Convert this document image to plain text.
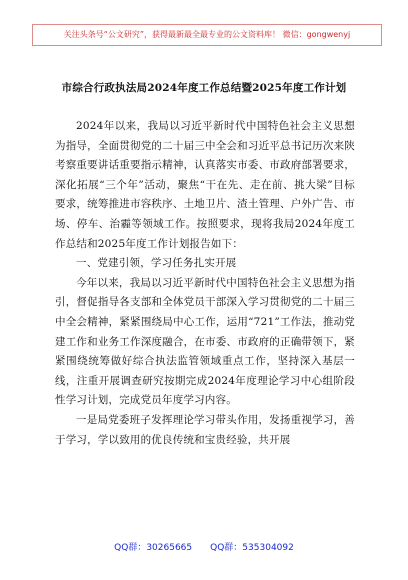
关注头条号“公文研究”，获得最新最全最专业的公文资料库！ 微信：gongwenyj
市综合行政执法局2024年度工作总结暨2025年度工作计划

2024年以来，我局以习近平新时代中国特色社会主义思想为指导，全面贯彻党的二十届三中全会和习近平总书记历次来陕考察重要讲话重要指示精神，认真落实市委、市政府部署要求，深化拓展“三个年”活动，聚焦“干在先、走在前、挑大梁”目标要求，统筹推进市容秩序、土地卫片、渣土管理、户外广告、市场、停车、治霾等领域工作。按照要求，现将我局2024年度工作总结和2025年度工作计划报告如下：

一、党建引领，学习任务扎实开展

今年以来，我局以习近平新时代中国特色社会主义思想为指引，督促指导各支部和全体党员干部深入学习贯彻党的二十届三中全会精神，紧紧围绕局中心工作，运用“721”工作法，推动党建工作和业务工作深度融合，在市委、市政府的正确带领下，紧紧围绕统筹做好综合执法监管领域重点工作，坚持深入基层一线，注重开展调查研究按期完成2024年度理论学习中心组阶段性学习计划，完成党员年度学习内容。

一是局党委班子发挥理论学习带头作用，发扬重视学习，善于学习，学以致用的优良传统和宝贵经验，共开展

QQ群：30265665 QQ群：535304092
